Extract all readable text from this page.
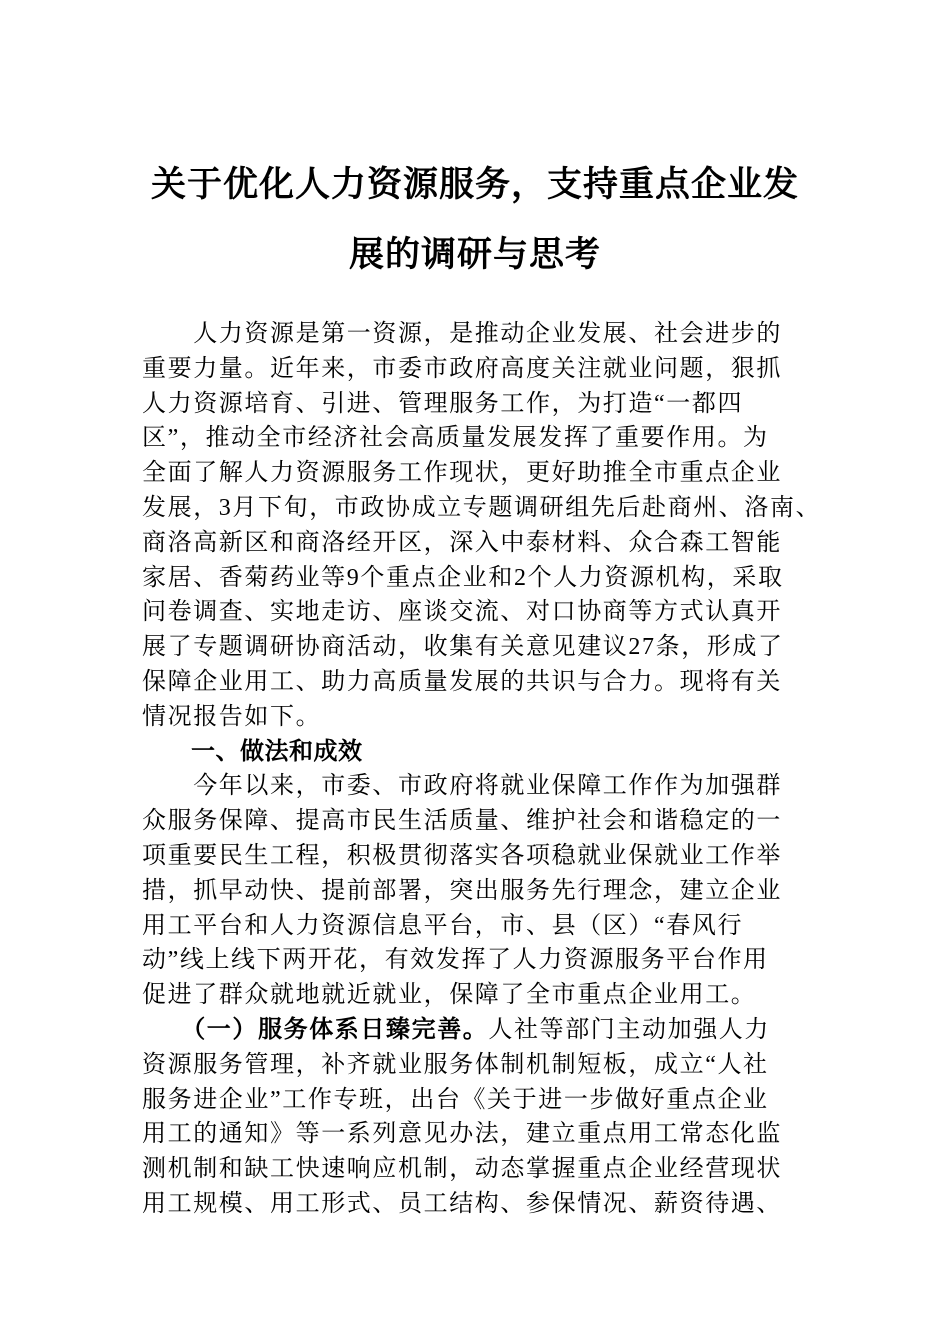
关于优化人力资源服务，支持重点企业发
展的调研与思考
　　人力资源是第一资源，是推动企业发展、社会进步的
重要力量。近年来，市委市政府高度关注就业问题，狠抓
人力资源培育、引进、管理服务工作，为打造“一都四
区”，推动全市经济社会高质量发展发挥了重要作用。为
全面了解人力资源服务工作现状，更好助推全市重点企业
发展，3月下旬，市政协成立专题调研组先后赴商州、洛南、
商洛高新区和商洛经开区，深入中泰材料、众合森工智能
家居、香菊药业等9个重点企业和2个人力资源机构，采取
问卷调查、实地走访、座谈交流、对口协商等方式认真开
展了专题调研协商活动，收集有关意见建议27条，形成了
保障企业用工、助力高质量发展的共识与合力。现将有关
情况报告如下。
　　一、做法和成效
　　今年以来，市委、市政府将就业保障工作作为加强群
众服务保障、提高市民生活质量、维护社会和谐稳定的一
项重要民生工程，积极贯彻落实各项稳就业保就业工作举
措，抓早动快、提前部署，突出服务先行理念，建立企业
用工平台和人力资源信息平台，市、县（区）“春风行
动”线上线下两开花，有效发挥了人力资源服务平台作用
促进了群众就地就近就业，保障了全市重点企业用工。
　　（一）服务体系日臻完善。人社等部门主动加强人力
资源服务管理，补齐就业服务体制机制短板，成立“人社
服务进企业”工作专班，出台《关于进一步做好重点企业
用工的通知》等一系列意见办法，建立重点用工常态化监
测机制和缺工快速响应机制，动态掌握重点企业经营现状
用工规模、用工形式、员工结构、参保情况、薪资待遇、
